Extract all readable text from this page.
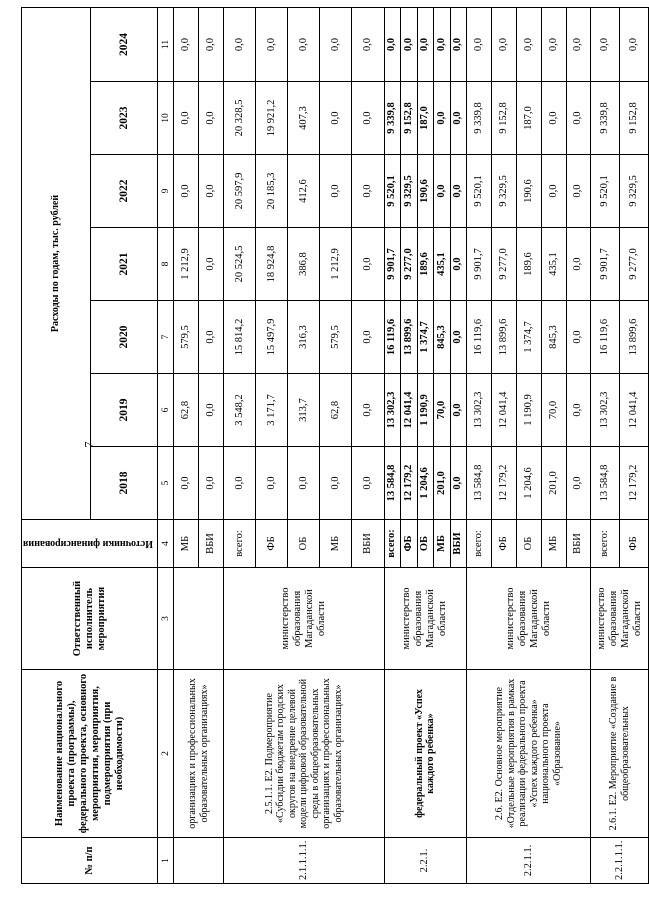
7
№ п/п	Наименование национального проекта (программы), федерального проекта, основного мероприятия, мероприятия, подмероприятия (при необходимости)	Ответственный исполнитель мероприятия	Источники финансирования	Расходы по годам, тыс. рублей						
				2018	2019	2020	2021	2022	2023	2024
1	2	3	4	5	6	7	8	9	10	11
	организациях и профессиональных образовательных организациях»		МБ	0,0	62,8	579,5	1 212,9	0,0	0,0	0,0
			ВБИ	0,0	0,0	0,0	0,0	0,0	0,0	0,0
2.1.1.1.1.	2.5.1.1. Е2. Подмероприятие «Субсидии бюджетам городских округов на внедрение целевой модели цифровой образовательной среды в общеобразовательных организациях и профессиональных образовательных организациях»	министерство образования Магаданской области	всего:	0,0	3 548,2	15 814,2	20 524,5	20 597,9	20 328,5	0,0
			ФБ	0,0	3 171,7	15 497,9	18 924,8	20 185,3	19 921,2	0,0
			ОБ	0,0	313,7	316,3	386,8	412,6	407,3	0,0
			МБ	0,0	62,8	579,5	1 212,9	0,0	0,0	0,0
			ВБИ	0,0	0,0	0,0	0,0	0,0	0,0	0,0
2.2.1.	федеральный проект «Успех каждого ребенка»	министерство образования Магаданской области	всего:	13 584,8	13 302,3	16 119,6	9 901,7	9 520,1	9 339,8	0,0
			ФБ	12 179,2	12 041,4	13 899,6	9 277,0	9 329,5	9 152,8	0,0
			ОБ	1 204,6	1 190,9	1 374,7	189,6	190,6	187,0	0,0
			МБ	201,0	70,0	845,3	435,1	0,0	0,0	0,0
			ВБИ	0,0	0,0	0,0	0,0	0,0	0,0	0,0
2.2.1.1.	2.6. Е2. Основное мероприятие «Отдельные мероприятия в рамках реализации федерального проекта «Успех каждого ребенка» национального проекта «Образование»	министерство образования Магаданской области	всего:	13 584,8	13 302,3	16 119,6	9 901,7	9 520,1	9 339,8	0,0
			ФБ	12 179,2	12 041,4	13 899,6	9 277,0	9 329,5	9 152,8	0,0
			ОБ	1 204,6	1 190,9	1 374,7	189,6	190,6	187,0	0,0
			МБ	201,0	70,0	845,3	435,1	0,0	0,0	0,0
			ВБИ	0,0	0,0	0,0	0,0	0,0	0,0	0,0
2.2.1.1.1.	2.6.1. Е2. Мероприятие «Создание в общеобразовательных	министерство образования Магаданской области	всего:	13 584,8	13 302,3	16 119,6	9 901,7	9 520,1	9 339,8	0,0
			ФБ	12 179,2	12 041,4	13 899,6	9 277,0	9 329,5	9 152,8	0,0
